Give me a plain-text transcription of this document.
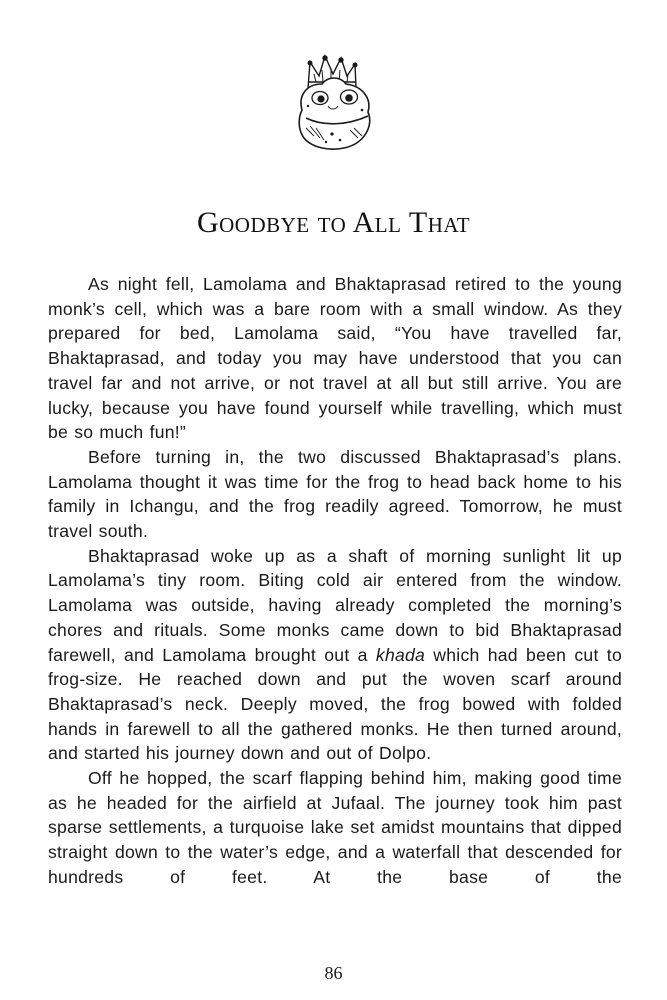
Goodbye to All That

As night fell, Lamolama and Bhaktaprasad retired to the young monk’s cell, which was a bare room with a small window. As they prepared for bed, Lamolama said, “You have travelled far, Bhaktaprasad, and today you may have understood that you can travel far and not arrive, or not travel at all but still arrive. You are lucky, because you have found yourself while travelling, which must be so much fun!”

Before turning in, the two discussed Bhaktaprasad’s plans. Lamolama thought it was time for the frog to head back home to his family in Ichangu, and the frog readily agreed. Tomorrow, he must travel south.

Bhaktaprasad woke up as a shaft of morning sunlight lit up Lamolama’s tiny room. Biting cold air entered from the window. Lamolama was outside, having already completed the morning’s chores and rituals. Some monks came down to bid Bhaktaprasad farewell, and Lamolama brought out a khada which had been cut to frog-size. He reached down and put the woven scarf around Bhaktaprasad’s neck. Deeply moved, the frog bowed with folded hands in farewell to all the gathered monks. He then turned around, and started his journey down and out of Dolpo.

Off he hopped, the scarf flapping behind him, making good time as he headed for the airfield at Jufaal. The journey took him past sparse settlements, a turquoise lake set amidst mountains that dipped straight down to the water’s edge, and a waterfall that descended for hundreds of feet. At the base of the

86
